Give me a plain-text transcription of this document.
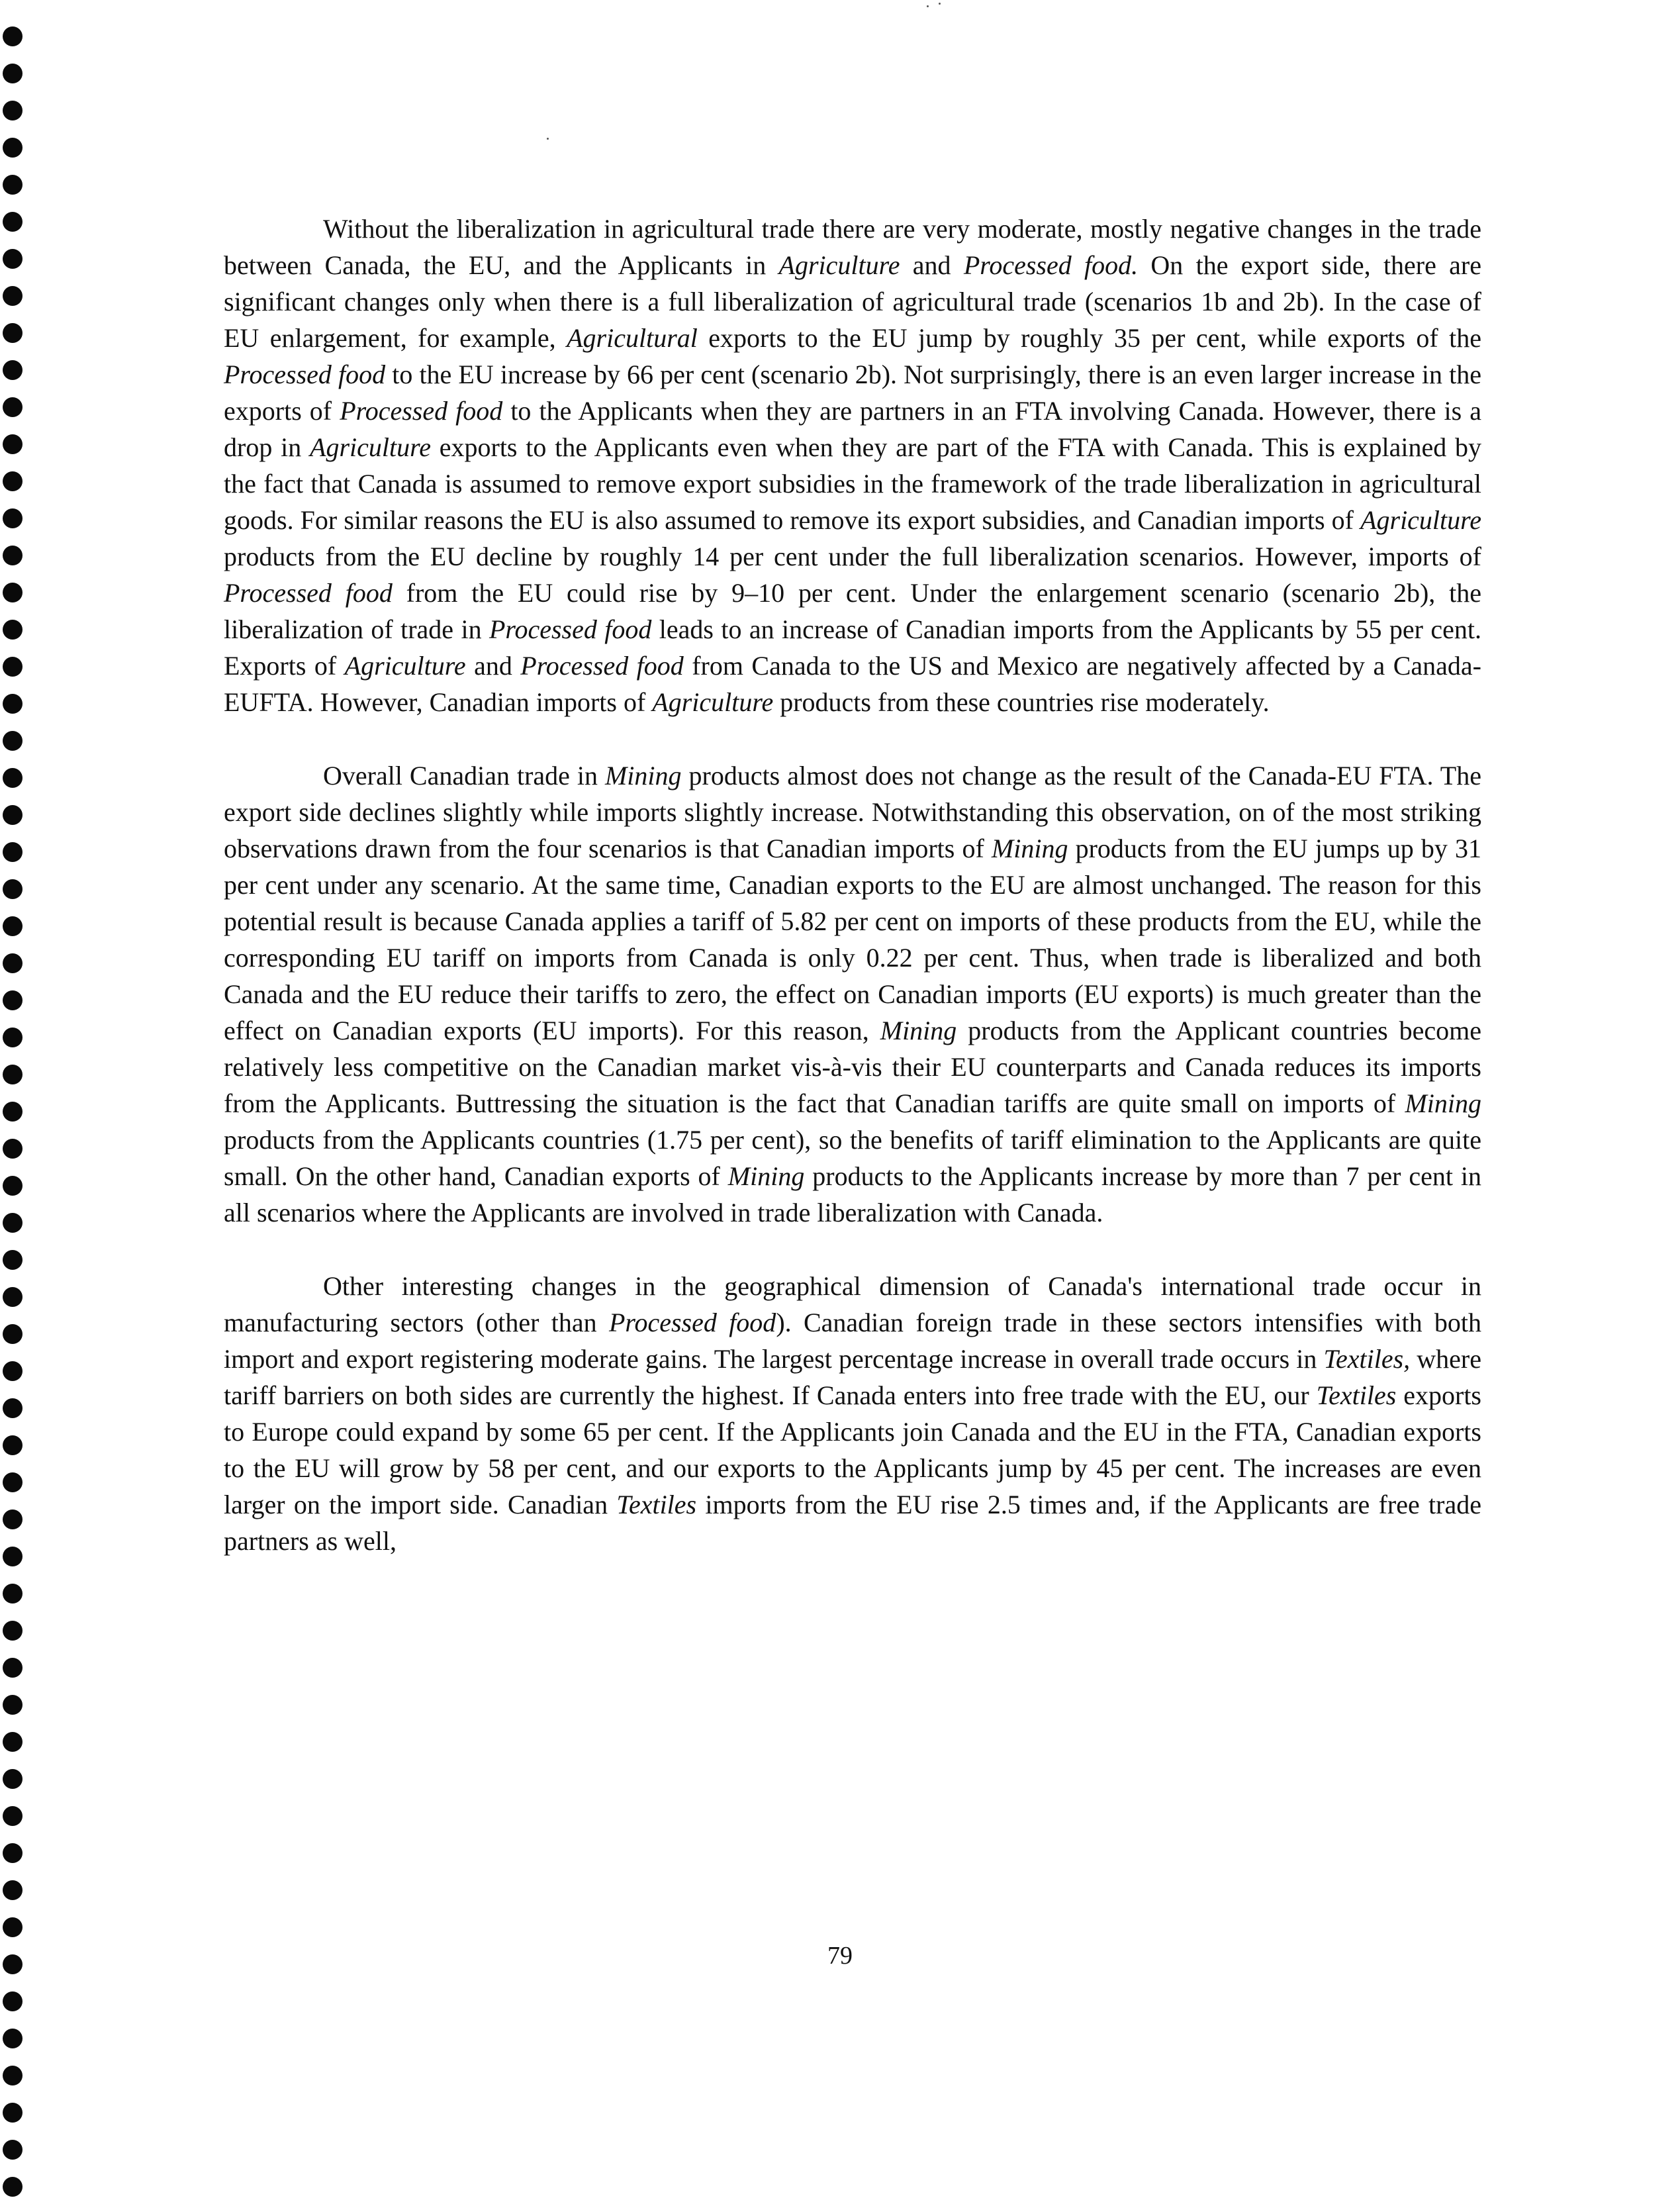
Without the liberalization in agricultural trade there are very moderate, mostly negative changes in the trade between Canada, the EU, and the Applicants in Agriculture and Processed food. On the export side, there are significant changes only when there is a full liberalization of agricultural trade (scenarios 1b and 2b). In the case of EU enlargement, for example, Agricultural exports to the EU jump by roughly 35 per cent, while exports of the Processed food to the EU increase by 66 per cent (scenario 2b). Not surprisingly, there is an even larger increase in the exports of Processed food to the Applicants when they are partners in an FTA involving Canada. However, there is a drop in Agriculture exports to the Applicants even when they are part of the FTA with Canada. This is explained by the fact that Canada is assumed to remove export subsidies in the framework of the trade liberalization in agricultural goods. For similar reasons the EU is also assumed to remove its export subsidies, and Canadian imports of Agriculture products from the EU decline by roughly 14 per cent under the full liberalization scenarios. However, imports of Processed food from the EU could rise by 9–10 per cent. Under the enlargement scenario (scenario 2b), the liberalization of trade in Processed food leads to an increase of Canadian imports from the Applicants by 55 per cent. Exports of Agriculture and Processed food from Canada to the US and Mexico are negatively affected by a Canada-EUFTA. However, Canadian imports of Agriculture products from these countries rise moderately.

Overall Canadian trade in Mining products almost does not change as the result of the Canada-EU FTA. The export side declines slightly while imports slightly increase. Notwithstanding this observation, on of the most striking observations drawn from the four scenarios is that Canadian imports of Mining products from the EU jumps up by 31 per cent under any scenario. At the same time, Canadian exports to the EU are almost unchanged. The reason for this potential result is because Canada applies a tariff of 5.82 per cent on imports of these products from the EU, while the corresponding EU tariff on imports from Canada is only 0.22 per cent. Thus, when trade is liberalized and both Canada and the EU reduce their tariffs to zero, the effect on Canadian imports (EU exports) is much greater than the effect on Canadian exports (EU imports). For this reason, Mining products from the Applicant countries become relatively less competitive on the Canadian market vis-à-vis their EU counterparts and Canada reduces its imports from the Applicants. Buttressing the situation is the fact that Canadian tariffs are quite small on imports of Mining products from the Applicants countries (1.75 per cent), so the benefits of tariff elimination to the Applicants are quite small. On the other hand, Canadian exports of Mining products to the Applicants increase by more than 7 per cent in all scenarios where the Applicants are involved in trade liberalization with Canada.

Other interesting changes in the geographical dimension of Canada's international trade occur in manufacturing sectors (other than Processed food). Canadian foreign trade in these sectors intensifies with both import and export registering moderate gains. The largest percentage increase in overall trade occurs in Textiles, where tariff barriers on both sides are currently the highest. If Canada enters into free trade with the EU, our Textiles exports to Europe could expand by some 65 per cent. If the Applicants join Canada and the EU in the FTA, Canadian exports to the EU will grow by 58 per cent, and our exports to the Applicants jump by 45 per cent. The increases are even larger on the import side. Canadian Textiles imports from the EU rise 2.5 times and, if the Applicants are free trade partners as well,

79
